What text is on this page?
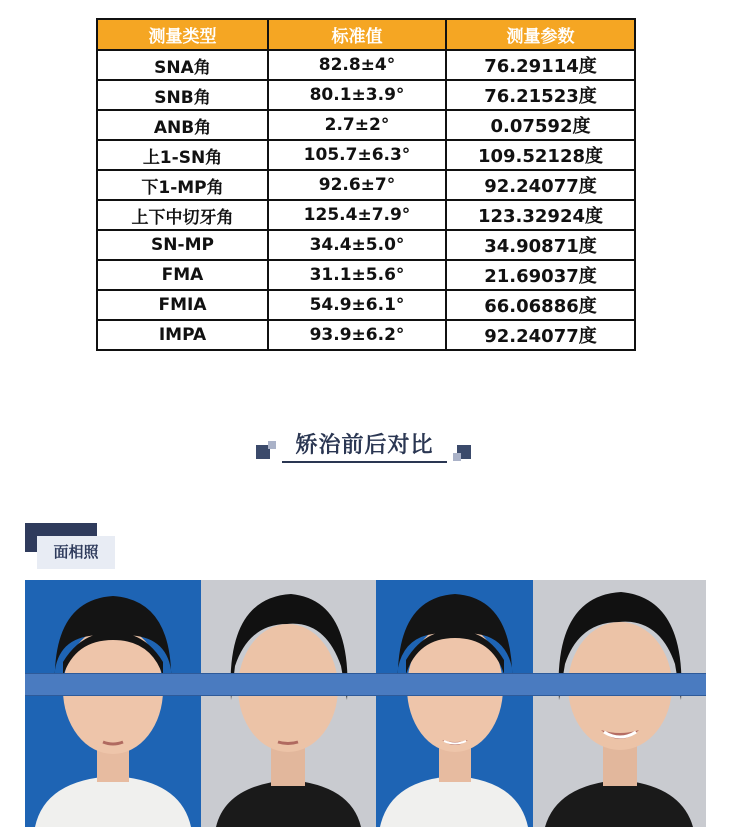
测量类型	标准值	测量参数
SNA角	82.8±4°	76.29114度
SNB角	80.1±3.9°	76.21523度
ANB角	2.7±2°	0.07592度
上1-SN角	105.7±6.3°	109.52128度
下1-MP角	92.6±7°	92.24077度
上下中切牙角	125.4±7.9°	123.32924度
SN-MP	34.4±5.0°	34.90871度
FMA	31.1±5.6°	21.69037度
FMIA	54.9±6.1°	66.06886度
IMPA	93.9±6.2°	92.24077度
矫治前后对比
面相照
